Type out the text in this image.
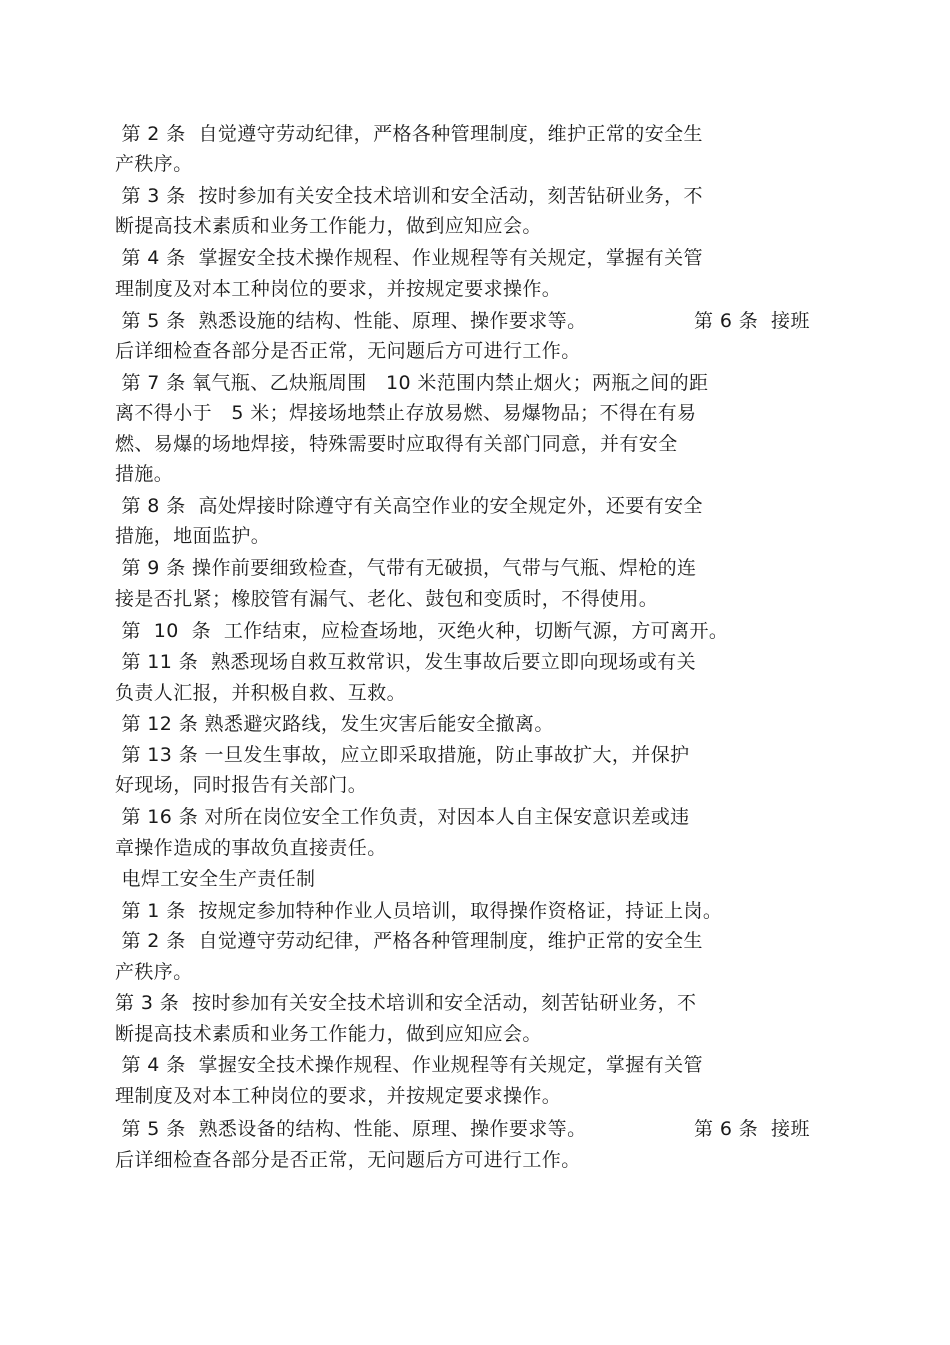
第 2 条  自觉遵守劳动纪律，严格各种管理制度，维护正常的安全生
产秩序。
第 3 条  按时参加有关安全技术培训和安全活动，刻苦钻研业务，不
断提高技术素质和业务工作能力，做到应知应会。
第 4 条  掌握安全技术操作规程、作业规程等有关规定，掌握有关管
理制度及对本工种岗位的要求，并按规定要求操作。
第 5 条  熟悉设施的结构、性能、原理、操作要求等。	第 6 条  接班
后详细检查各部分是否正常，无问题后方可进行工作。
第 7 条 氧气瓶、乙炔瓶周围   10 米范围内禁止烟火；两瓶之间的距
离不得小于   5 米；焊接场地禁止存放易燃、易爆物品；不得在有易
燃、易爆的场地焊接，特殊需要时应取得有关部门同意，并有安全
措施。
第 8 条  高处焊接时除遵守有关高空作业的安全规定外，还要有安全
措施，地面监护。
第 9 条 操作前要细致检查，气带有无破损，气带与气瓶、焊枪的连
接是否扎紧；橡胶管有漏气、老化、鼓包和变质时，不得使用。
第  10  条  工作结束，应检查场地，灭绝火种，切断气源，方可离开。
第 11 条  熟悉现场自救互救常识，发生事故后要立即向现场或有关
负责人汇报，并积极自救、互救。
第 12 条 熟悉避灾路线，发生灾害后能安全撤离。
第 13 条 一旦发生事故，应立即采取措施，防止事故扩大，并保护
好现场，同时报告有关部门。
第 16 条 对所在岗位安全工作负责，对因本人自主保安意识差或违
章操作造成的事故负直接责任。
电焊工安全生产责任制
第 1 条  按规定参加特种作业人员培训，取得操作资格证，持证上岗。
第 2 条  自觉遵守劳动纪律，严格各种管理制度，维护正常的安全生
产秩序。
第 3 条  按时参加有关安全技术培训和安全活动，刻苦钻研业务，不
断提高技术素质和业务工作能力，做到应知应会。
第 4 条  掌握安全技术操作规程、作业规程等有关规定，掌握有关管
理制度及对本工种岗位的要求，并按规定要求操作。
第 5 条  熟悉设备的结构、性能、原理、操作要求等。	第 6 条  接班
后详细检查各部分是否正常，无问题后方可进行工作。
